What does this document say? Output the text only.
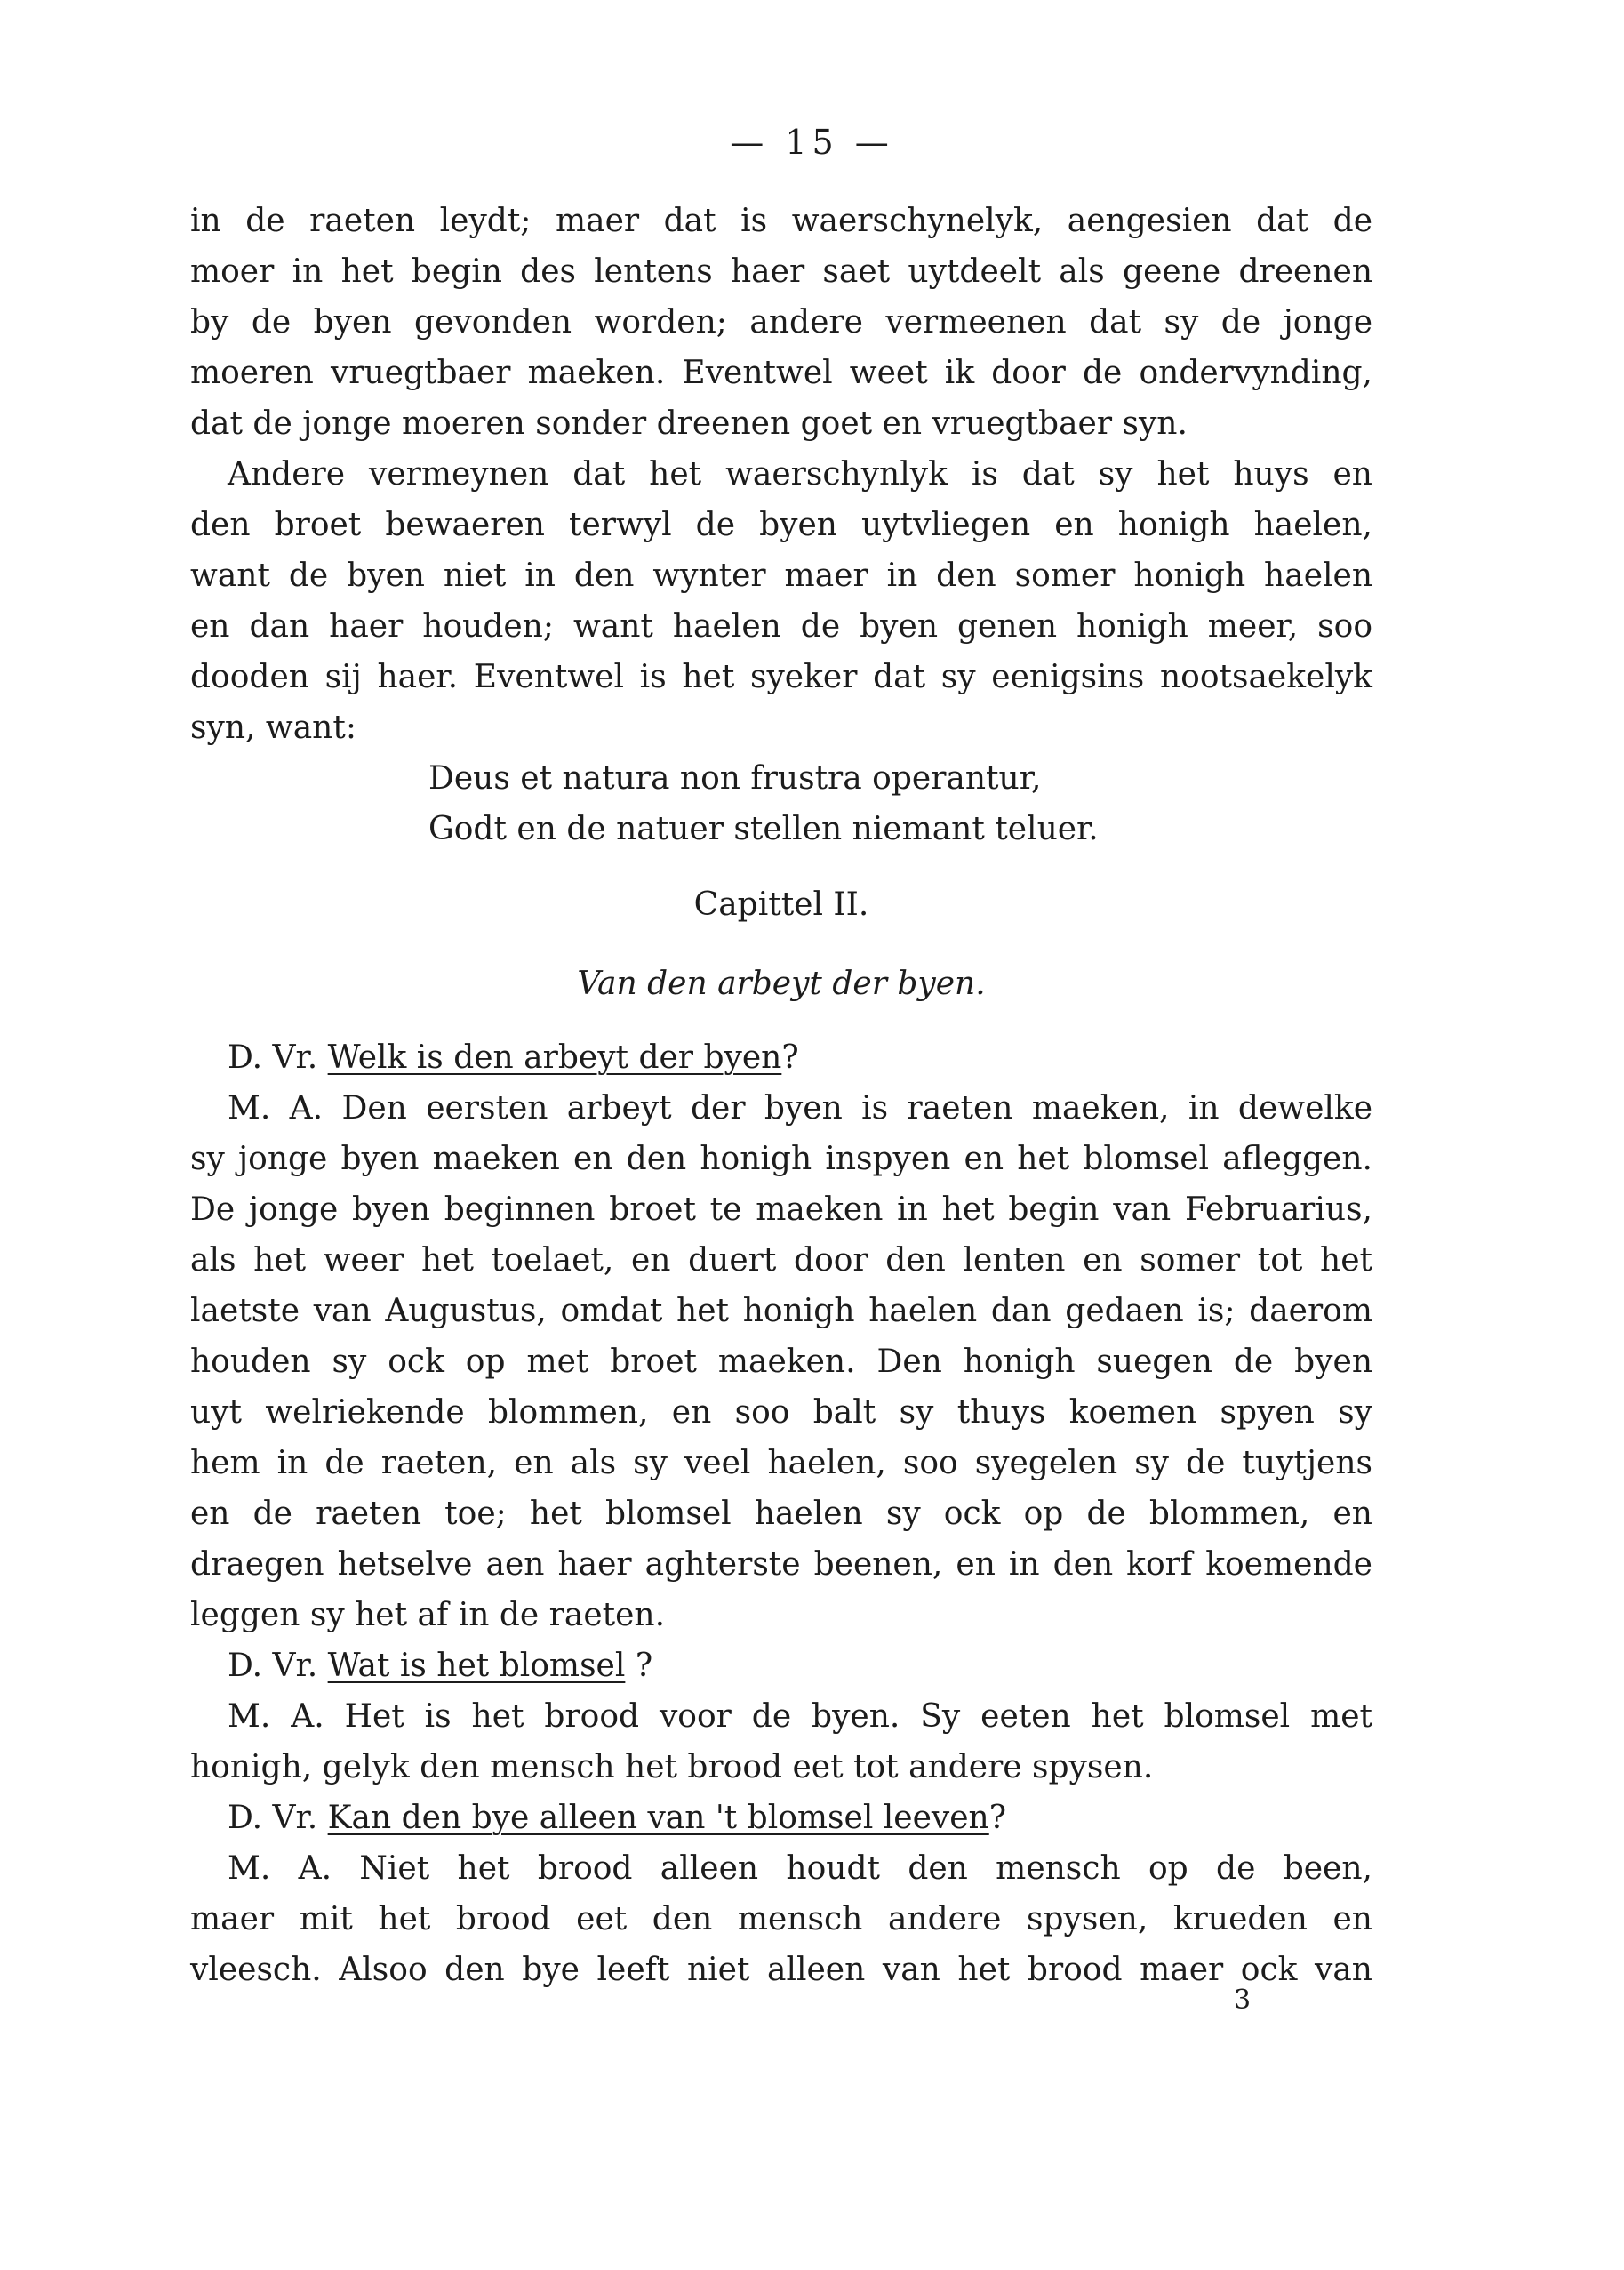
— 15 —
in de raeten leydt; maer dat is waerschynelyk, aengesien dat de
moer in het begin des lentens haer saet uytdeelt als geene dreenen
by de byen gevonden worden; andere vermeenen dat sy de jonge
moeren vruegtbaer maeken. Eventwel weet ik door de ondervynding,
dat de jonge moeren sonder dreenen goet en vruegtbaer syn.
Andere vermeynen dat het waerschynlyk is dat sy het huys en
den broet bewaeren terwyl de byen uytvliegen en honigh haelen,
want de byen niet in den wynter maer in den somer honigh haelen
en dan haer houden; want haelen de byen genen honigh meer, soo
dooden sij haer. Eventwel is het syeker dat sy eenigsins nootsaekelyk
syn, want:
Deus et natura non frustra operantur,
Godt en de natuer stellen niemant teluer.
Capittel II.
Van den arbeyt der byen.
D. Vr. Welk is den arbeyt der byen?
M. A. Den eersten arbeyt der byen is raeten maeken, in dewelke
sy jonge byen maeken en den honigh inspyen en het blomsel afleggen.
De jonge byen beginnen broet te maeken in het begin van Februarius,
als het weer het toelaet, en duert door den lenten en somer tot het
laetste van Augustus, omdat het honigh haelen dan gedaen is; daerom
houden sy ock op met broet maeken. Den honigh suegen de byen
uyt welriekende blommen, en soo balt sy thuys koemen spyen sy
hem in de raeten, en als sy veel haelen, soo syegelen sy de tuytjens
en de raeten toe; het blomsel haelen sy ock op de blommen, en
draegen hetselve aen haer aghterste beenen, en in den korf koemende
leggen sy het af in de raeten.
D. Vr. Wat is het blomsel ?
M. A. Het is het brood voor de byen. Sy eeten het blomsel met
honigh, gelyk den mensch het brood eet tot andere spysen.
D. Vr. Kan den bye alleen van 't blomsel leeven?
M. A. Niet het brood alleen houdt den mensch op de been,
maer mit het brood eet den mensch andere spysen, krueden en
vleesch. Alsoo den bye leeft niet alleen van het brood maer ock van
3
